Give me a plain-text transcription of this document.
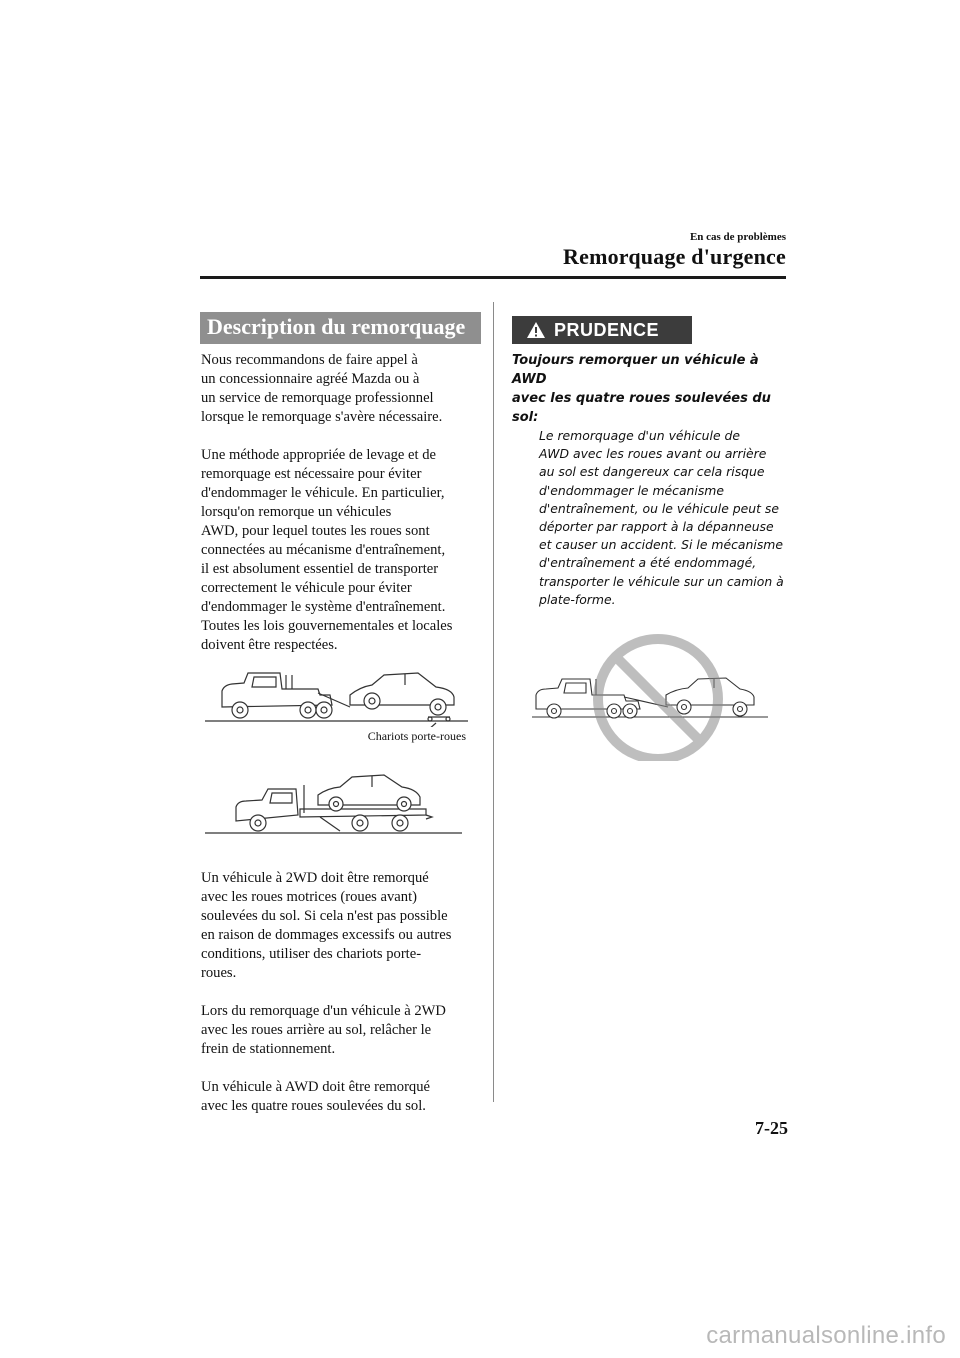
En cas de problèmes
Remorquage d'urgence
Description du remorquage
Nous recommandons de faire appel à
un concessionnaire agréé Mazda ou à
un service de remorquage professionnel
lorsque le remorquage s'avère nécessaire.
Une méthode appropriée de levage et de
remorquage est nécessaire pour éviter
d'endommager le véhicule. En particulier,
lorsqu'on remorque un véhicules
AWD, pour lequel toutes les roues sont
connectées au mécanisme d'entraînement,
il est absolument essentiel de transporter
correctement le véhicule pour éviter
d'endommager le système d'entraînement.
Toutes les lois gouvernementales et locales
doivent être respectées.
Chariots porte-roues
Un véhicule à 2WD doit être remorqué
avec les roues motrices (roues avant)
soulevées du sol. Si cela n'est pas possible
en raison de dommages excessifs ou autres
conditions, utiliser des chariots porte-
roues.
Lors du remorquage d'un véhicule à 2WD
avec les roues arrière au sol, relâcher le
frein de stationnement.
Un véhicule à AWD doit être remorqué
avec les quatre roues soulevées du sol.
PRUDENCE
Toujours remorquer un véhicule à AWD
avec les quatre roues soulevées du sol:
Le remorquage d'un véhicule de
AWD avec les roues avant ou arrière
au sol est dangereux car cela risque
d'endommager le mécanisme
d'entraînement, ou le véhicule peut se
déporter par rapport à la dépanneuse
et causer un accident. Si le mécanisme
d'entraînement a été endommagé,
transporter le véhicule sur un camion à
plate-forme.
7-25
carmanualsonline.info
